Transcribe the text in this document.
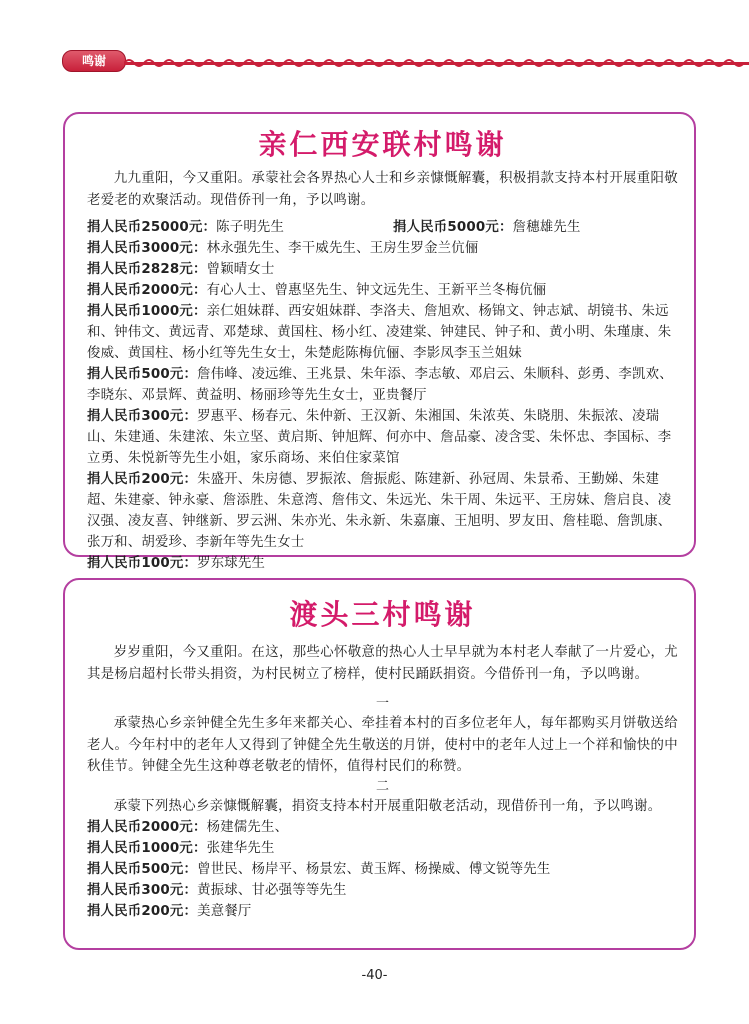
鸣谢
亲仁西安联村鸣谢

九九重阳，今又重阳。承蒙社会各界热心人士和乡亲慷慨解囊，积极捐款支持本村开展重阳敬老爱老的欢聚活动。现借侨刊一角，予以鸣谢。

捐人民币25000元：陈子明先生	捐人民币5000元：詹穗雄先生

捐人民币3000元：林永强先生、李干威先生、王房生罗金兰伉俪

捐人民币2828元：曾颖晴女士

捐人民币2000元：有心人士、曾惠坚先生、钟文远先生、王新平兰冬梅伉俪

捐人民币1000元：亲仁姐妹群、西安姐妹群、李洛夫、詹旭欢、杨锦文、钟志斌、胡镜书、朱远和、钟伟文、黄远青、邓楚球、黄国柱、杨小红、凌建棠、钟建民、钟子和、黄小明、朱瑾康、朱俊威、黄国柱、杨小红等先生女士，朱楚彪陈梅伉俪、李影凤李玉兰姐妹

捐人民币500元：詹伟峰、凌远维、王兆景、朱年添、李志敏、邓启云、朱顺科、彭勇、李凯欢、李晓东、邓景辉、黄益明、杨丽珍等先生女士，亚贵餐厅

捐人民币300元：罗惠平、杨春元、朱仲新、王汉新、朱湘国、朱浓英、朱晓朋、朱振浓、凌瑞山、朱建通、朱建浓、朱立坚、黄启斯、钟旭辉、何亦中、詹品豪、凌含雯、朱怀忠、李国标、李立勇、朱悦新等先生小姐，家乐商场、来伯住家菜馆

捐人民币200元：朱盛开、朱房德、罗振浓、詹振彪、陈建新、孙冠周、朱景希、王勤娣、朱建超、朱建豪、钟永豪、詹添胜、朱意湾、詹伟文、朱远光、朱干周、朱远平、王房妹、詹启良、凌汉强、凌友喜、钟继新、罗云洲、朱亦光、朱永新、朱嘉廉、王旭明、罗友田、詹桂聪、詹凯康、张万和、胡爱珍、李新年等先生女士

捐人民币100元：罗东球先生

渡头三村鸣谢

岁岁重阳，今又重阳。在这，那些心怀敬意的热心人士早早就为本村老人奉献了一片爱心，尤其是杨启超村长带头捐资，为村民树立了榜样，使村民踊跃捐资。今借侨刊一角，予以鸣谢。

一

承蒙热心乡亲钟健全先生多年来都关心、牵挂着本村的百多位老年人，每年都购买月饼敬送给老人。今年村中的老年人又得到了钟健全先生敬送的月饼，使村中的老年人过上一个祥和愉快的中秋佳节。钟健全先生这种尊老敬老的情怀，值得村民们的称赞。

二

承蒙下列热心乡亲慷慨解囊，捐资支持本村开展重阳敬老活动，现借侨刊一角，予以鸣谢。

捐人民币2000元：杨建儒先生、

捐人民币1000元：张建华先生

捐人民币500元：曾世民、杨岸平、杨景宏、黄玉辉、杨操威、傅文锐等先生

捐人民币300元：黄振球、甘必强等等先生

捐人民币200元：美意餐厅

-40-
